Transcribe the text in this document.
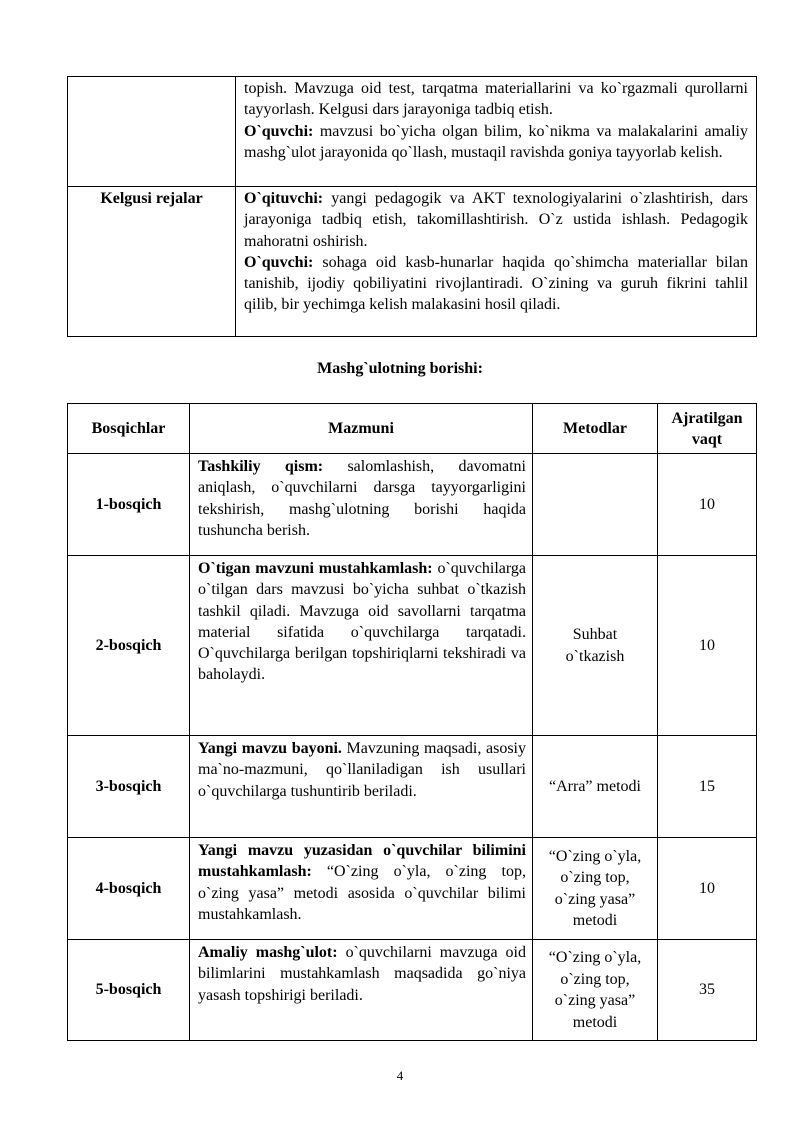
	topish. Mavzuga oid test, tarqatma materiallarini va ko`rgazmali qurollarni tayyorlash. Kelgusi dars jarayoniga tadbiq etish.

O`quvchi: mavzusi bo`yicha olgan bilim, ko`nikma va malakalarini amaliy mashg`ulot jarayonida qo`llash, mustaqil ravishda goniya tayyorlab kelish.

Kelgusi rejalar	O`qituvchi: yangi pedagogik va AKT texnologiyalarini o`zlashtirish, dars jarayoniga tadbiq etish, takomillashtirish. O`z ustida ishlash. Pedagogik mahoratni oshirish.

O`quvchi: sohaga oid kasb-hunarlar haqida qo`shimcha materiallar bilan tanishib, ijodiy qobiliyatini rivojlantiradi. O`zining va guruh fikrini tahlil qilib, bir yechimga kelish malakasini hosil qiladi.

Mashg`ulotning borishi:
Bosqichlar	Mazmuni	Metodlar	Ajratilgan
vaqt
1-bosqich	Tashkiliy qism: salomlashish, davomatni aniqlash, o`quvchilarni darsga tayyorgarligini tekshirish, mashg`ulotning borishi haqida tushuncha berish.		10
2-bosqich	O`tigan mavzuni mustahkamlash: o`quvchilarga o`tilgan dars mavzusi bo`yicha suhbat o`tkazish tashkil qiladi. Mavzuga oid savollarni tarqatma material sifatida o`quvchilarga tarqatadi. O`quvchilarga berilgan topshiriqlarni tekshiradi va baholaydi.	Suhbat o`tkazish	10
3-bosqich	Yangi mavzu bayoni. Mavzuning maqsadi, asosiy ma`no-mazmuni, qo`llaniladigan ish usullari o`quvchilarga tushuntirib beriladi.	“Arra” metodi	15
4-bosqich	Yangi mavzu yuzasidan o`quvchilar bilimini mustahkamlash: “O`zing o`yla, o`zing top, o`zing yasa” metodi asosida o`quvchilar bilimi mustahkamlash.	“O`zing o`yla, o`zing top, o`zing yasa” metodi	10
5-bosqich	Amaliy mashg`ulot: o`quvchilarni mavzuga oid bilimlarini mustahkamlash maqsadida go`niya yasash topshirigi beriladi.	“O`zing o`yla, o`zing top, o`zing yasa” metodi	35
4
